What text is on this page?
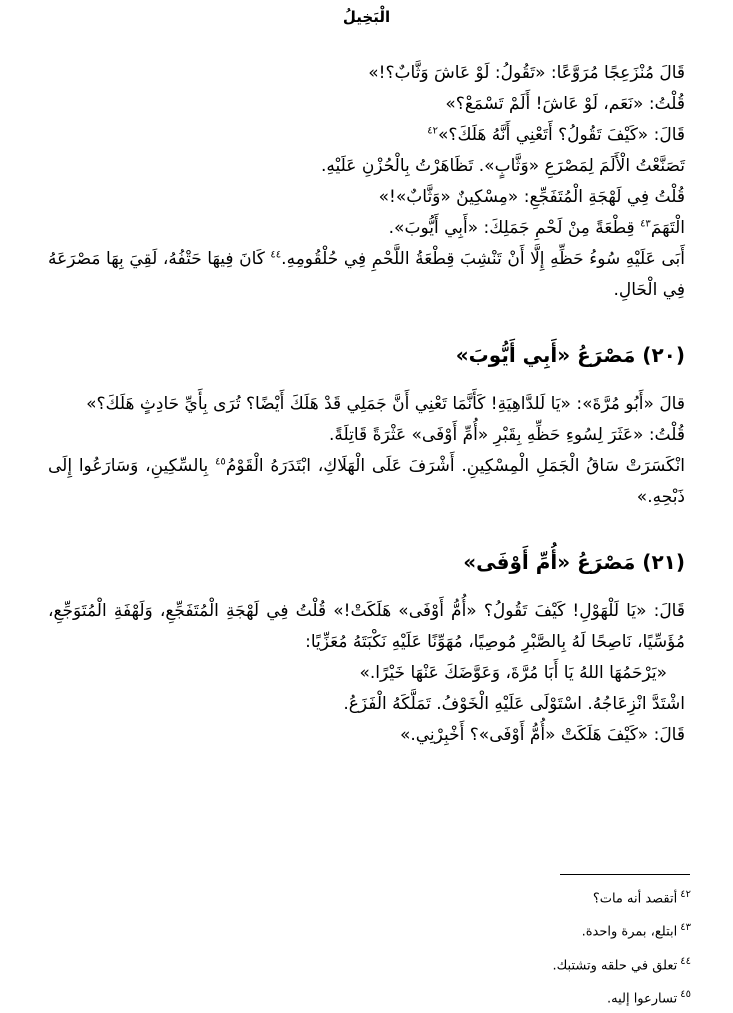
الْبَخِيلُ

قَالَ مُنْزَعِجًا مُرَوَّعًا: «تَقُولُ: لَوْ عَاشَ وَثَّابٌ؟!»

قُلْتُ: «نَعَم، لَوْ عَاشَ! أَلَمْ تَسْمَعْ؟»

قَالَ: «كَيْفَ تَقُولُ؟ أَتَعْنِي أَنَّهُ هَلَكَ؟»$^{٤٢}$

تَصَنَّعْتُ الْأَلَمَ لِمَصْرَعِ «وَثَّابٍ». تَظَاهَرْتُ بِالْحُزْنِ عَلَيْهِ.

قُلْتُ فِي لَهْجَةِ الْمُتَفَجِّعِ: «مِسْكِينٌ «وَثَّابٌ»!»

الْتَهَمَ$^{٤٣}$ قِطْعَةً مِنْ لَحْمِ جَمَلِكَ: «أَبِي أَيُّوبَ».

أَبَى عَلَيْهِ سُوءُ حَظِّهِ إِلَّا أَنْ تَنْشِبَ قِطْعَةُ اللَّحْمِ فِي حُلْقُومِهِ.$^{٤٤}$ كَانَ فِيهَا حَتْفُهُ، لَقِيَ بِهَا مَصْرَعَهُ فِي الْحَالِ.

(٢٠) مَصْرَعُ «أَبِي أَيُّوبَ»

قالَ «أَبُو مُرَّةَ»: «يَا لَلدَّاهِيَةِ! كَأَنَّمَا تَعْنِي أَنَّ جَمَلِي قَدْ هَلَكَ أَيْضًا؟ تُرَى بِأَيِّ حَادِثٍ هَلَكَ؟»

قُلْتُ: «عَثَرَ لِسُوءِ حَظِّهِ بِقَبْرِ «أُمِّ أَوْفَى» عَثْرَةً قَاتِلَةً.

انْكَسَرَتْ سَاقُ الْجَمَلِ الْمِسْكِينِ. أَشْرَفَ عَلَى الْهَلَاكِ، ابْتَدَرَهُ الْقَوْمُ$^{٤٥}$ بِالسِّكِينِ، وَسَارَعُوا إِلَى ذَبْحِهِ.»

(٢١) مَصْرَعُ «أُمِّ أَوْفَى»

قَالَ: «يَا لَلْهَوْلِ! كَيْفَ تَقُولُ؟ «أُمُّ أَوْفَى» هَلَكَتْ!» قُلْتُ فِي لَهْجَةِ الْمُتَفَجِّعِ، وَلَهْفَةِ الْمُتَوَجِّعِ، مُؤَسِّيًا، نَاصِحًا لَهُ بِالصَّبْرِ مُوصِيًا، مُهَوِّنًا عَلَيْهِ نَكْبَتَهُ مُعَزِّيًا:

«يَرْحَمُهَا اللهُ يَا أَبَا مُرَّةَ، وَعَوَّضَكَ عَنْهَا خَيْرًا.»

اشْتَدَّ انْزِعَاجُهُ. اسْتَوْلَى عَلَيْهِ الْخَوْفُ. تَمَلَّكَهُ الْفَزَعُ.

قَالَ: «كَيْفَ هَلَكَتْ «أُمُّ أَوْفَى»؟ أَخْبِرْنِي.»

$^{٤٢}$أتقصد أنه مات؟
$^{٤٣}$ابتلع، بمرة واحدة.
$^{٤٤}$تعلق في حلقه وتشتبك.
$^{٤٥}$تسارعوا إليه.
